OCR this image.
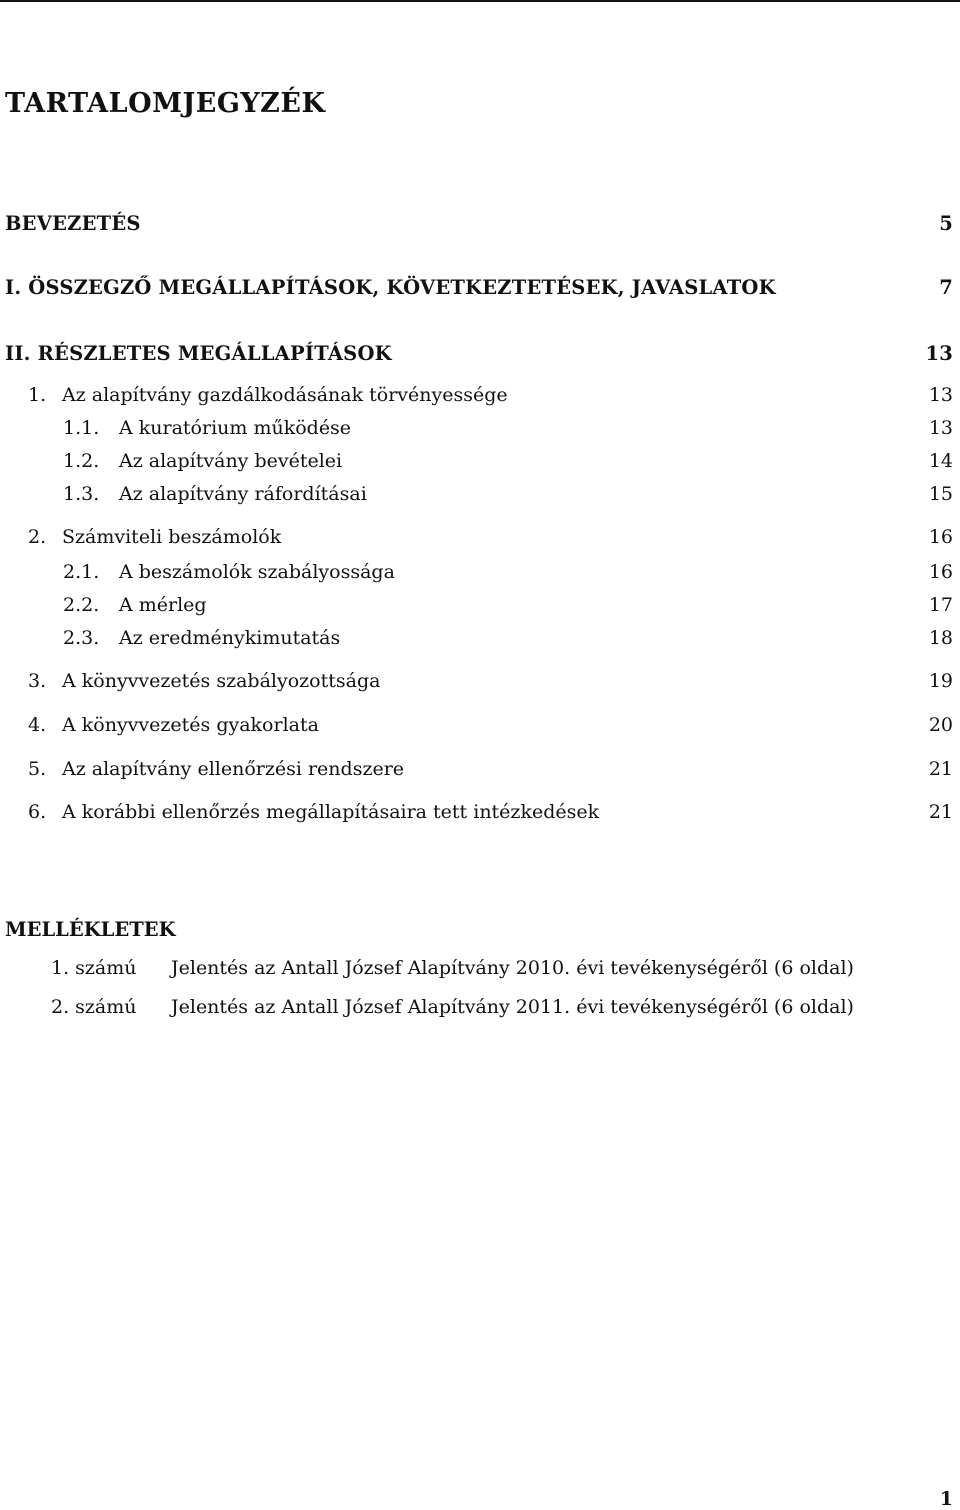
TARTALOMJEGYZÉK
BEVEZETÉS	5
I. ÖSSZEGZŐ MEGÁLLAPÍTÁSOK, KÖVETKEZTETÉSEK, JAVASLATOK	7
II. RÉSZLETES MEGÁLLAPÍTÁSOK	13
1. Az alapítvány gazdálkodásának törvényessége	13
1.1. A kuratórium működése	13
1.2. Az alapítvány bevételei	14
1.3. Az alapítvány ráfordításai	15
2. Számviteli beszámolók	16
2.1. A beszámolók szabályossága	16
2.2. A mérleg	17
2.3. Az eredménykimutatás	18
3. A könyvvezetés szabályozottsága	19
4. A könyvvezetés gyakorlata	20
5. Az alapítvány ellenőrzési rendszere	21
6. A korábbi ellenőrzés megállapításaira tett intézkedések	21
MELLÉKLETEK
1. számú Jelentés az Antall József Alapítvány 2010. évi tevékenységéről (6 oldal)
2. számú Jelentés az Antall József Alapítvány 2011. évi tevékenységéről (6 oldal)
1
